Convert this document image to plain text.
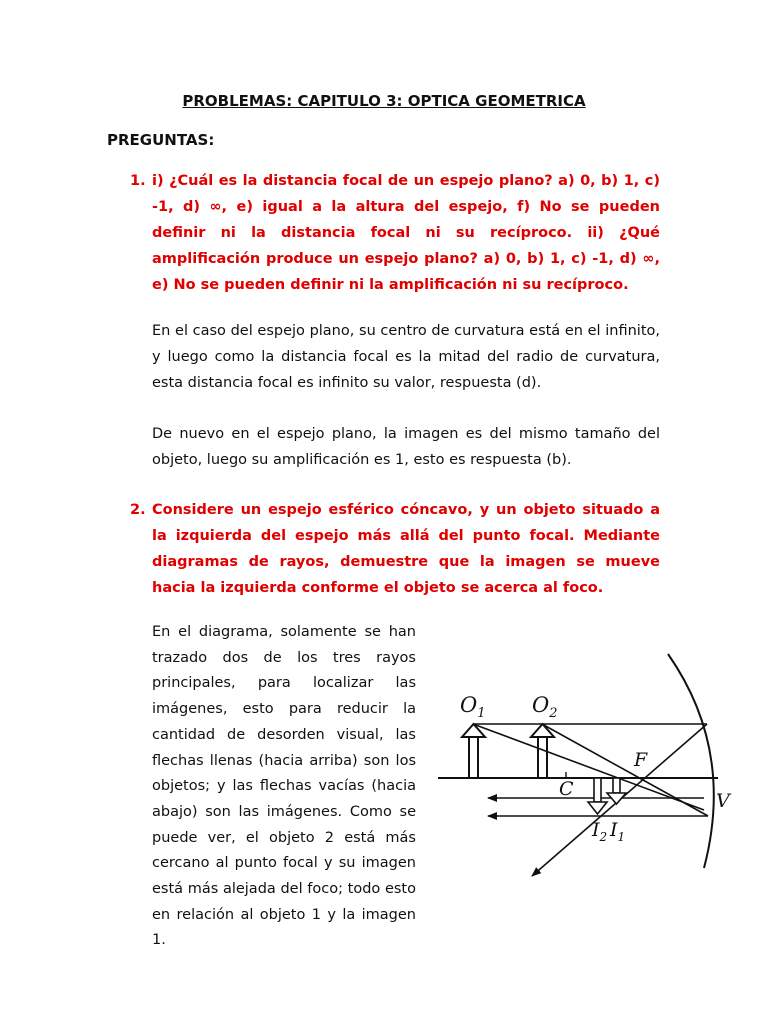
PROBLEMAS: CAPITULO 3: OPTICA GEOMETRICA
PREGUNTAS:
1. i) ¿Cuál es la distancia focal de un espejo plano? a) 0, b) 1, c) -1, d) ∞, e) igual a la altura del espejo, f) No se pueden definir ni la distancia focal ni su recíproco. ii) ¿Qué amplificación produce un espejo plano? a) 0, b) 1, c) -1, d) ∞, e) No se pueden definir ni la amplificación ni su recíproco.
En el caso del espejo plano, su centro de curvatura está en el infinito, y luego como la distancia focal es la mitad del radio de curvatura, esta distancia focal es infinito su valor, respuesta (d).
De nuevo en el espejo plano, la imagen es del mismo tamaño del objeto, luego su amplificación es 1, esto es respuesta (b).
2. Considere un espejo esférico cóncavo, y un objeto situado a la izquierda del espejo más allá del punto focal. Mediante diagramas de rayos, demuestre que la imagen se mueve hacia la izquierda conforme el objeto se acerca al foco.
En el diagrama, solamente se han trazado dos de los tres rayos principales, para localizar las imágenes, esto para reducir la cantidad de desorden visual, las flechas llenas (hacia arriba) son los objetos; y las flechas vacías (hacia abajo) son las imágenes. Como se puede ver, el objeto 2 está más cercano al punto focal y su imagen está más alejada del foco; todo esto en relación al objeto 1 y la imagen 1.
$O_1$ $O_2$
F
C
V
$I_2$ $I_1$
